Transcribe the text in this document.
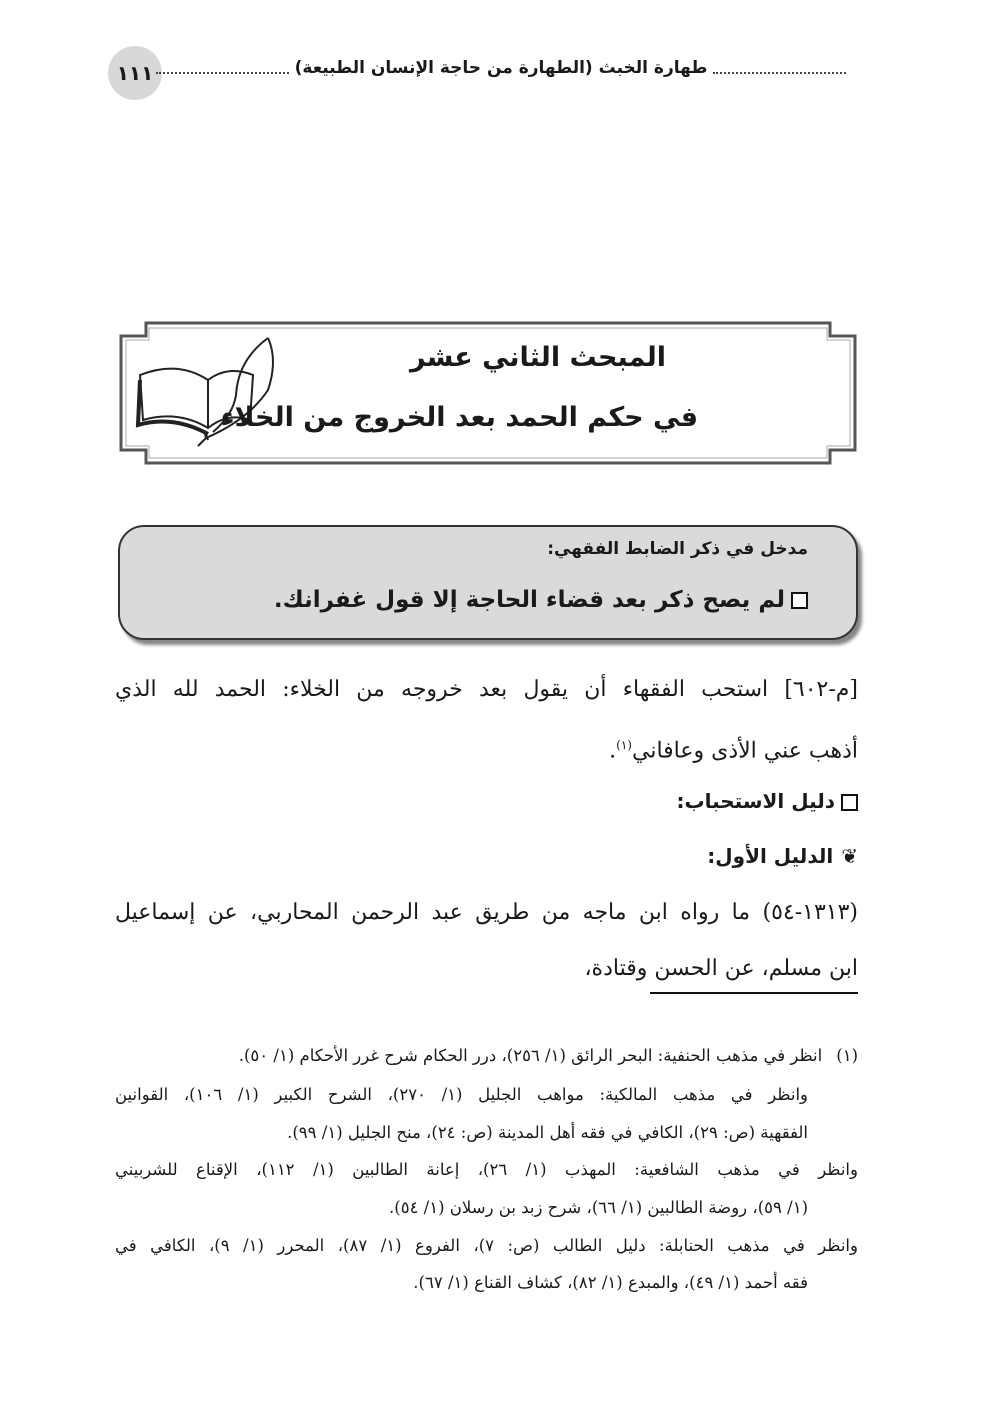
١١١	طهارة الخبث (الطهارة من حاجة الإنسان الطبيعة)
المبحث الثاني عشر
في حكم الحمد بعد الخروج من الخلاء
مدخل في ذكر الضابط الفقهي:
لم يصح ذكر بعد قضاء الحاجة إلا قول غفرانك.
[م-٦٠٢] استحب الفقهاء أن يقول بعد خروجه من الخلاء: الحمد لله الذي
أذهب عني الأذى وعافاني$^{(١)}$.
دليل الاستحباب:
❦الدليل الأول:
(١٣١٣-٥٤) ما رواه ابن ماجه من طريق عبد الرحمن المحاربي، عن إسماعيل
ابن مسلم، عن الحسن وقتادة،
(١)انظر في مذهب الحنفية: البحر الرائق (١/ ٢٥٦)، درر الحكام شرح غرر الأحكام (١/ ٥٠).
وانظر في مذهب المالكية: مواهب الجليل (١/ ٢٧٠)، الشرح الكبير (١/ ١٠٦)، القوانين
الفقهية (ص: ٢٩)، الكافي في فقه أهل المدينة (ص: ٢٤)، منح الجليل (١/ ٩٩).
وانظر في مذهب الشافعية: المهذب (١/ ٢٦)، إعانة الطالبين (١/ ١١٢)، الإقناع للشربيني
(١/ ٥٩)، روضة الطالبين (١/ ٦٦)، شرح زبد بن رسلان (١/ ٥٤).
وانظر في مذهب الحنابلة: دليل الطالب (ص: ٧)، الفروع (١/ ٨٧)، المحرر (١/ ٩)، الكافي في
فقه أحمد (١/ ٤٩)، والمبدع (١/ ٨٢)، كشاف القناع (١/ ٦٧).
